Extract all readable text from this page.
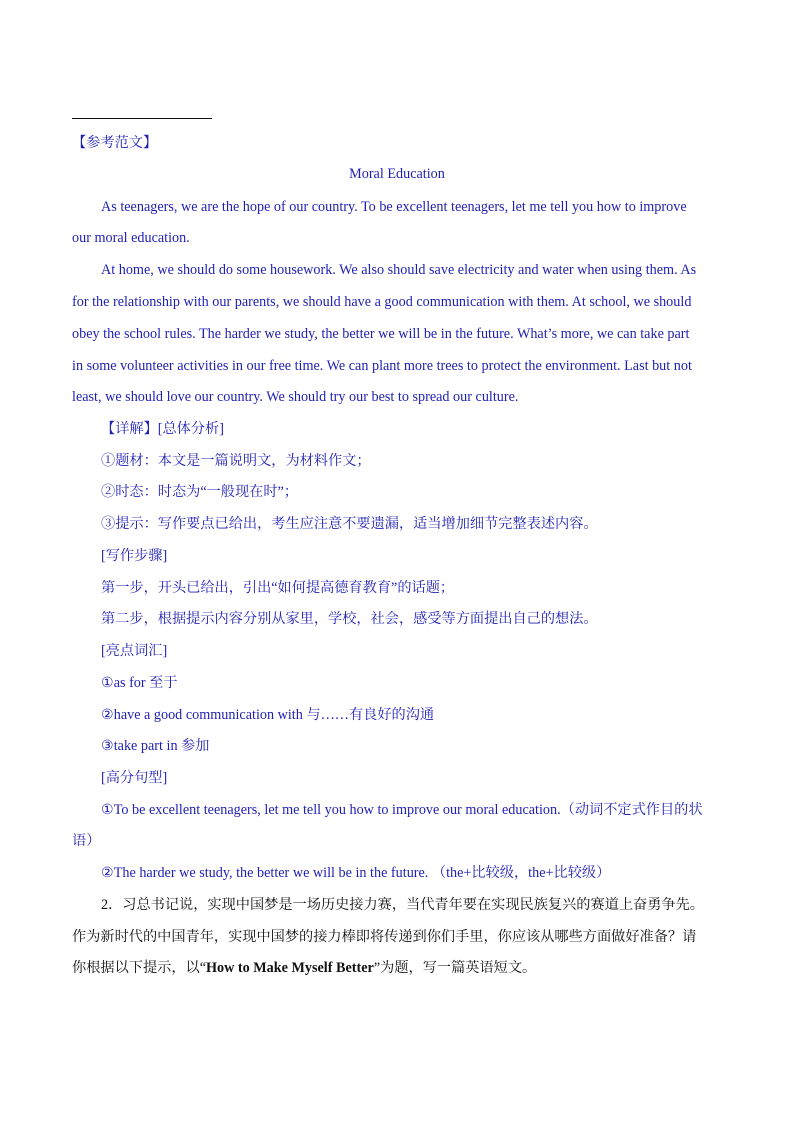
【参考范文】
Moral Education
As teenagers, we are the hope of our country. To be excellent teenagers, let me tell you how to improve
our moral education.
At home, we should do some housework. We also should save electricity and water when using them. As
for the relationship with our parents, we should have a good communication with them. At school, we should
obey the school rules. The harder we study, the better we will be in the future. What’s more, we can take part
in some volunteer activities in our free time. We can plant more trees to protect the environment. Last but not
least, we should love our country. We should try our best to spread our culture.
【详解】[总体分析]
①题材：本文是一篇说明文，为材料作文；
②时态：时态为“一般现在时”；
③提示：写作要点已给出，考生应注意不要遗漏，适当增加细节完整表述内容。
[写作步骤]
第一步，开头已给出，引出“如何提高德育教育”的话题；
第二步，根据提示内容分别从家里，学校，社会，感受等方面提出自己的想法。
[亮点词汇]
①as for 至于
②have a good communication with 与……有良好的沟通
③take part in 参加
[高分句型]
①To be excellent teenagers, let me tell you how to improve our moral education.（动词不定式作目的状
语）
②The harder we study, the better we will be in the future. （the+比较级，the+比较级）
2．习总书记说，实现中国梦是一场历史接力赛，当代青年要在实现民族复兴的赛道上奋勇争先。
作为新时代的中国青年，实现中国梦的接力棒即将传递到你们手里，你应该从哪些方面做好准备？请
你根据以下提示，以“How to Make Myself Better”为题，写一篇英语短文。
